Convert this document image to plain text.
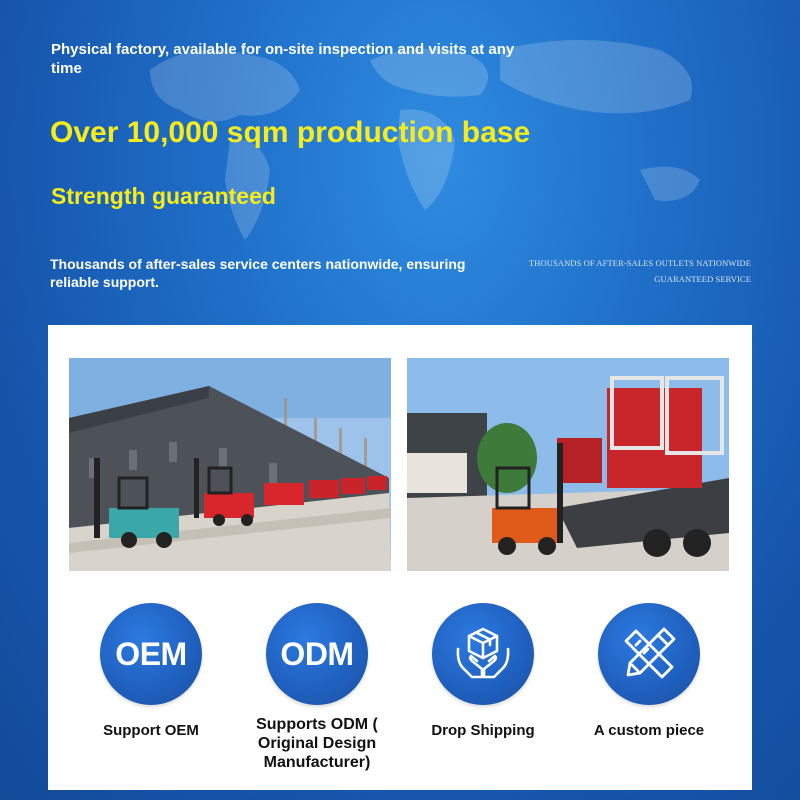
Physical factory, available for on-site inspection and visits at any time
Over 10,000 sqm production base
Strength guaranteed
Thousands of after-sales service centers nationwide, ensuring reliable support.
THOUSANDS OF AFTER-SALES OUTLETS NATIONWIDE
GUARANTEED SERVICE
OEM
Support OEM
ODM
Supports ODM ( Original Design Manufacturer)
Drop Shipping	A custom piece
